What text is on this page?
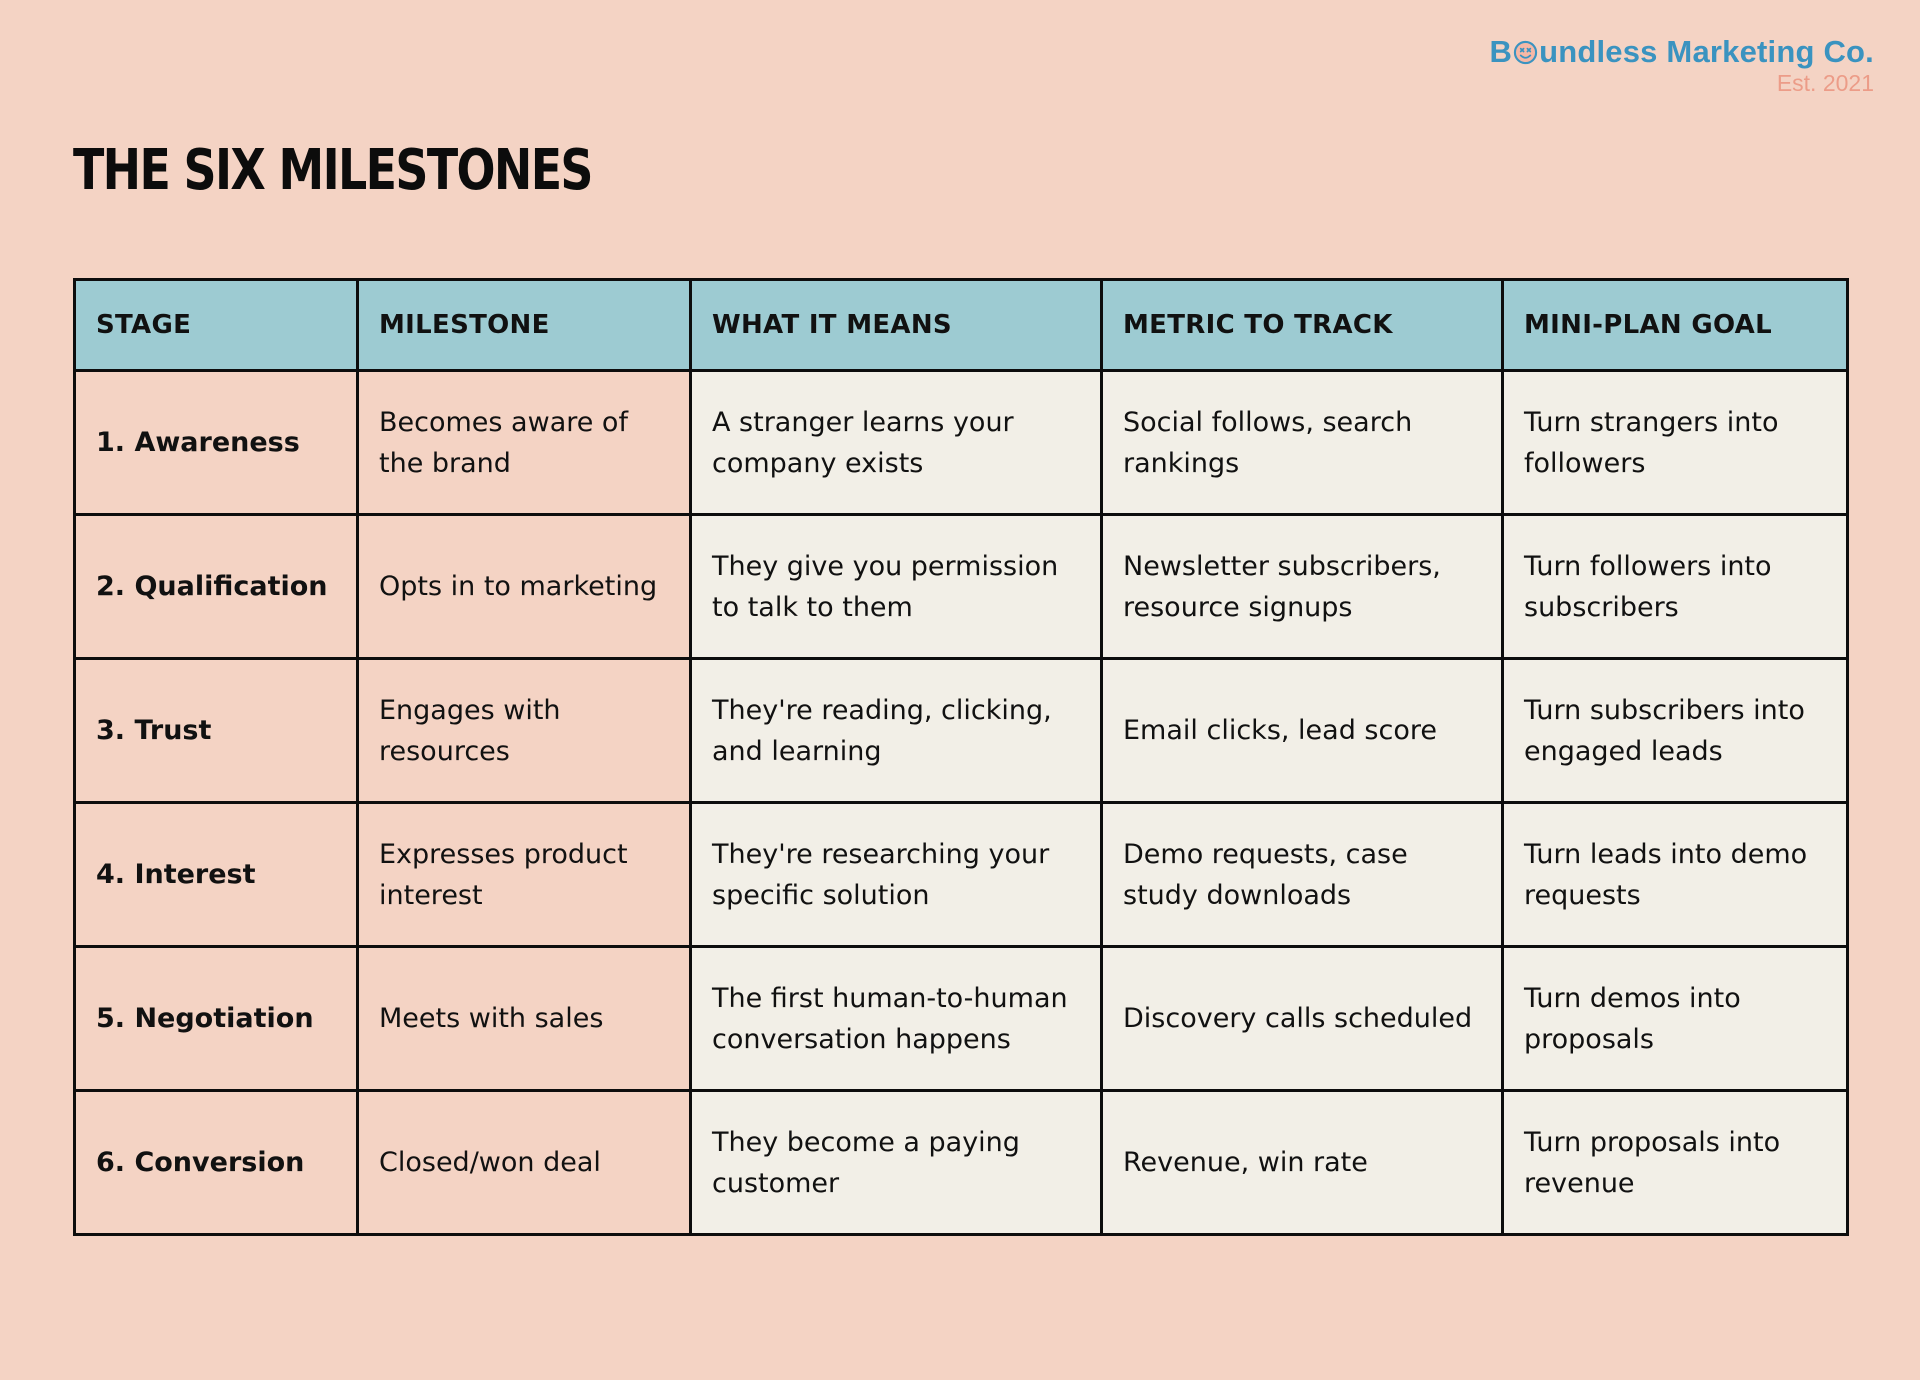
B undless Marketing Co.
Est. 2021
THE SIX MILESTONES
STAGE	MILESTONE	WHAT IT MEANS	METRIC TO TRACK	MINI-PLAN GOAL
1. Awareness	Becomes aware of the brand	A stranger learns your company exists	Social follows, search rankings	Turn strangers into followers
2. Qualification	Opts in to marketing	They give you permission to talk to them	Newsletter subscribers, resource signups	Turn followers into subscribers
3. Trust	Engages with resources	They're reading, clicking, and learning	Email clicks, lead score	Turn subscribers into engaged leads
4. Interest	Expresses product interest	They're researching your specific solution	Demo requests, case study downloads	Turn leads into demo requests
5. Negotiation	Meets with sales	The first human-to-human conversation happens	Discovery calls scheduled	Turn demos into proposals
6. Conversion	Closed/won deal	They become a paying customer	Revenue, win rate	Turn proposals into revenue
